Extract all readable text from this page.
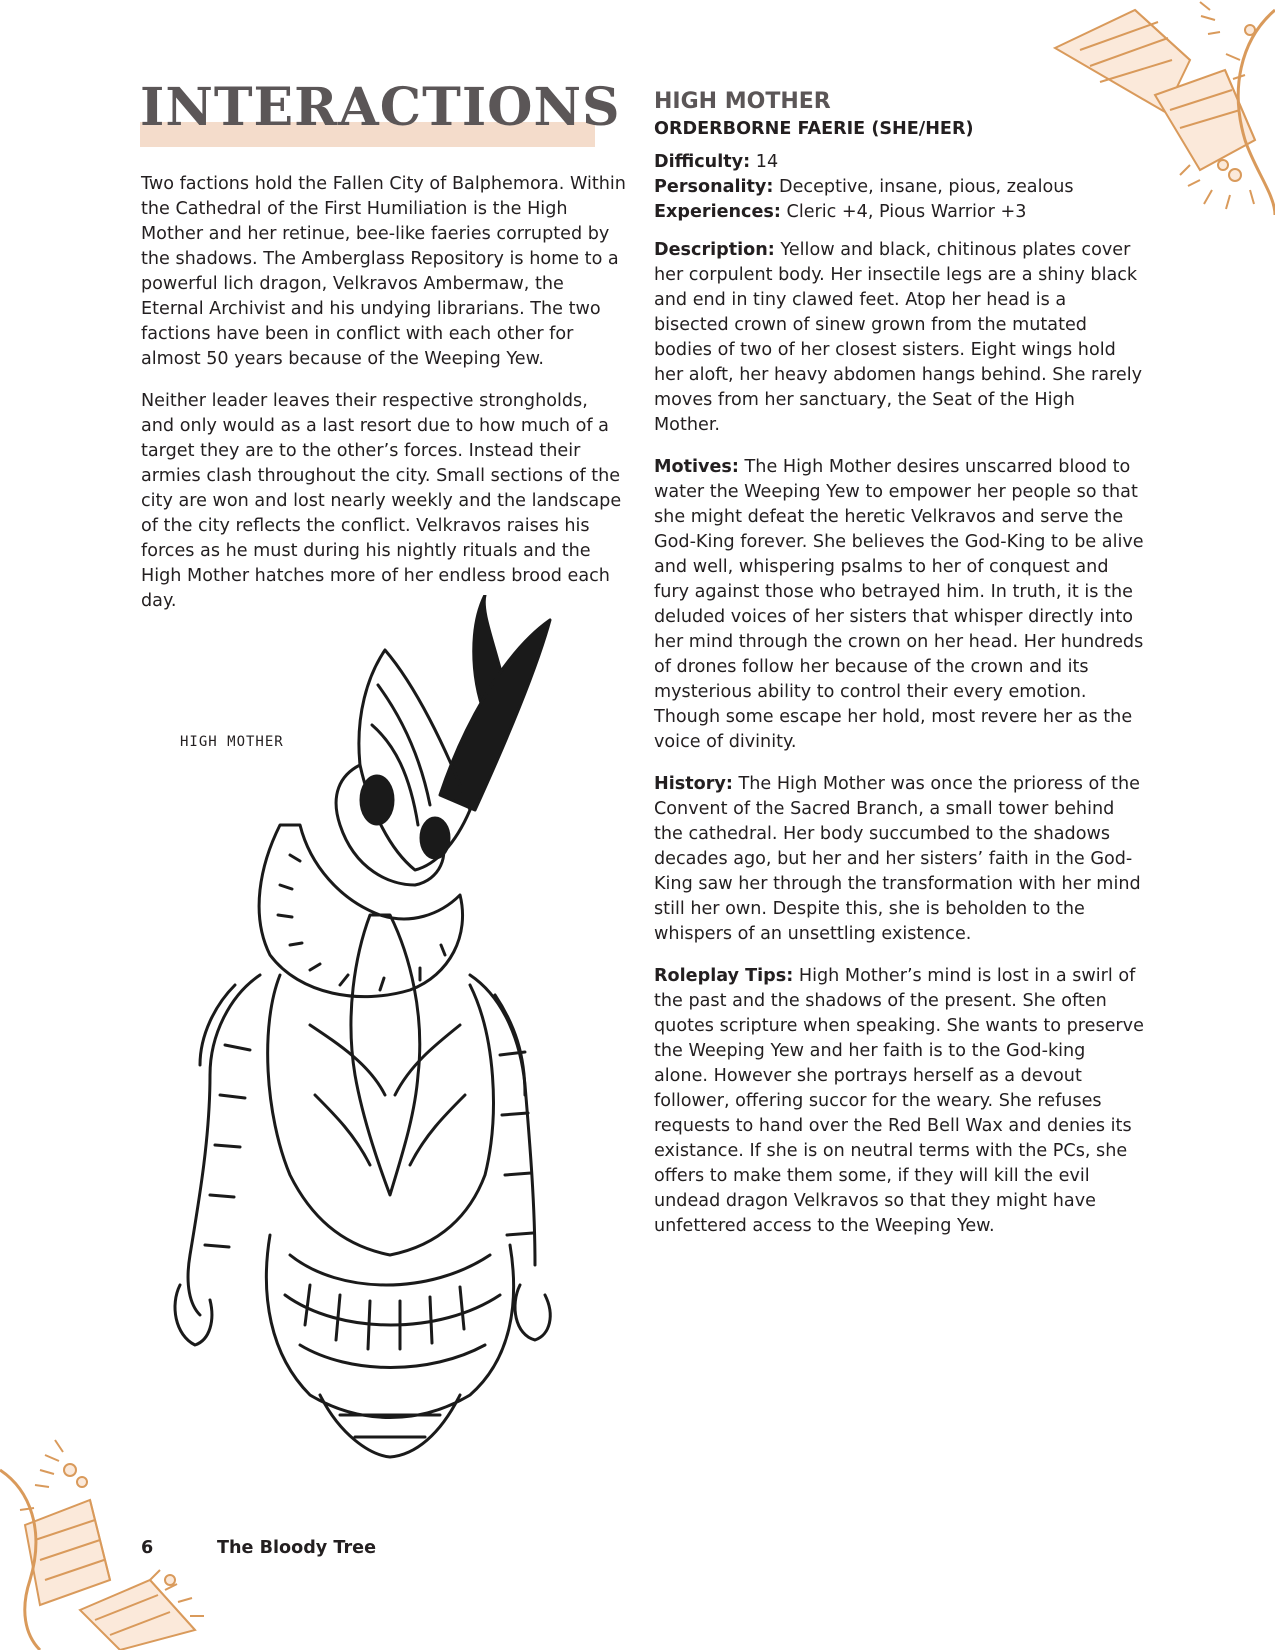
INTERACTIONS

Two factions hold the Fallen City of Balphemora. Within the Cathedral of the First Humiliation is the High Mother and her retinue, bee-like faeries corrupted by the shadows. The Amberglass Repository is home to a powerful lich dragon, Velkravos Ambermaw, the Eternal Archivist and his undying librarians. The two factions have been in conflict with each other for almost 50 years because of the Weeping Yew.

Neither leader leaves their respective strongholds, and only would as a last resort due to how much of a target they are to the other’s forces. Instead their armies clash throughout the city. Small sections of the city are won and lost nearly weekly and the landscape of the city reflects the conflict. Velkravos raises his forces as he must during his nightly rituals and the High Mother hatches more of her endless brood each day.

HIGH MOTHER
HIGH MOTHER
ORDERBORNE FAERIE (SHE/HER)

Difficulty: 14

Personality: Deceptive, insane, pious, zealous

Experiences: Cleric +4, Pious Warrior +3

Description: Yellow and black, chitinous plates cover her corpulent body. Her insectile legs are a shiny black and end in tiny clawed feet. Atop her head is a bisected crown of sinew grown from the mutated bodies of two of her closest sisters. Eight wings hold her aloft, her heavy abdomen hangs behind. She rarely moves from her sanctuary, the Seat of the High Mother.

Motives: The High Mother desires unscarred blood to water the Weeping Yew to empower her people so that she might defeat the heretic Velkravos and serve the God-King forever. She believes the God-King to be alive and well, whispering psalms to her of conquest and fury against those who betrayed him. In truth, it is the deluded voices of her sisters that whisper directly into her mind through the crown on her head. Her hundreds of drones follow her because of the crown and its mysterious ability to control their every emotion. Though some escape her hold, most revere her as the voice of divinity.

History: The High Mother was once the prioress of the Convent of the Sacred Branch, a small tower behind the cathedral. Her body succumbed to the shadows decades ago, but her and her sisters’ faith in the God-King saw her through the transformation with her mind still her own. Despite this, she is beholden to the whispers of an unsettling existence.

Roleplay Tips: High Mother’s mind is lost in a swirl of the past and the shadows of the present. She often quotes scripture when speaking. She wants to preserve the Weeping Yew and her faith is to the God-king alone. However she portrays herself as a devout follower, offering succor for the weary. She refuses requests to hand over the Red Bell Wax and denies its existance. If she is on neutral terms with the PCs, she offers to make them some, if they will kill the evil undead dragon Velkravos so that they might have unfettered access to the Weeping Yew.

6	The Bloody Tree
